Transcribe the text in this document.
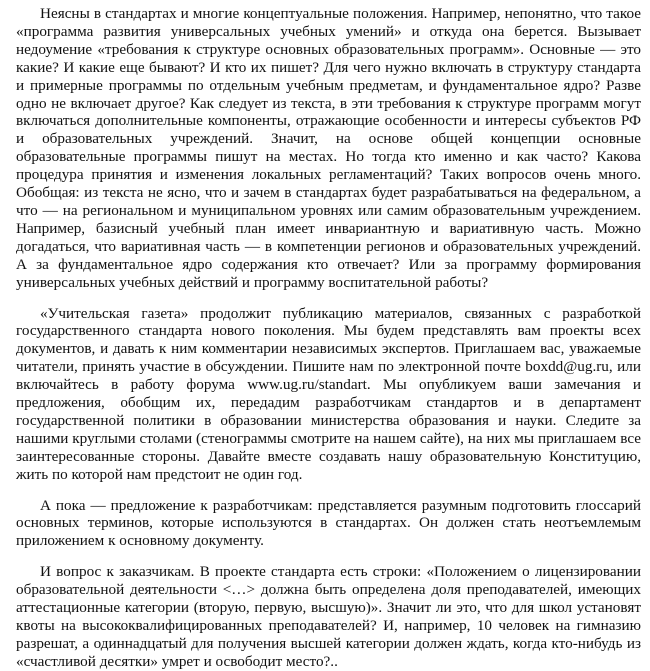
Неясны в стандартах и многие концептуальные положения. Например, непонятно, что такое «программа развития универсальных учебных умений» и откуда она берется. Вызывает недоумение «требования к структуре основных образовательных программ». Основные — это какие? И какие еще бывают? И кто их пишет? Для чего нужно включать в структуру стандарта и примерные программы по отдельным учебным предметам, и фундаментальное ядро? Разве одно не включает другое? Как следует из текста, в эти требования к структуре программ могут включаться дополнительные компоненты, отражающие особенности и интересы субъектов РФ и образовательных учреждений. Значит, на основе общей концепции основные образовательные программы пишут на местах. Но тогда кто именно и как часто? Какова процедура принятия и изменения локальных регламентаций? Таких вопросов очень много. Обобщая: из текста не ясно, что и зачем в стандартах будет разрабатываться на федеральном, а что — на региональном и муниципальном уровнях или самим образовательным учреждением. Например, базисный учебный план имеет инвариантную и вариативную часть. Можно догадаться, что вариативная часть — в компетенции регионов и образовательных учреждений. А за фундаментальное ядро содержания кто отвечает? Или за программу формирования универсальных учебных действий и программу воспитательной работы?

«Учительская газета» продолжит публикацию материалов, связанных с разработкой государственного стандарта нового поколения. Мы будем представлять вам проекты всех документов, и давать к ним комментарии независимых экспертов. Приглашаем вас, уважаемые читатели, принять участие в обсуждении. Пишите нам по электронной почте boxdd@ug.ru, или включайтесь в работу форума www.ug.ru/standart. Мы опубликуем ваши замечания и предложения, обобщим их, передадим разработчикам стандартов и в департамент государственной политики в образовании министерства образования и науки. Следите за нашими круглыми столами (стенограммы смотрите на нашем сайте), на них мы приглашаем все заинтересованные стороны. Давайте вместе создавать нашу образовательную Конституцию, жить по которой нам предстоит не один год.

А пока — предложение к разработчикам: представляется разумным подготовить глоссарий основных терминов, которые используются в стандартах. Он должен стать неотъемлемым приложением к основному документу.

И вопрос к заказчикам. В проекте стандарта есть строки: «Положением о лицензировании образовательной деятельности <…> должна быть определена доля преподавателей, имеющих аттестационные категории (вторую, первую, высшую)». Значит ли это, что для школ установят квоты на высококвалифицированных преподавателей? И, например, 10 человек на гимназию разрешат, а одиннадцатый для получения высшей категории должен ждать, когда кто-нибудь из «счастливой десятки» умрет и освободит место?..
